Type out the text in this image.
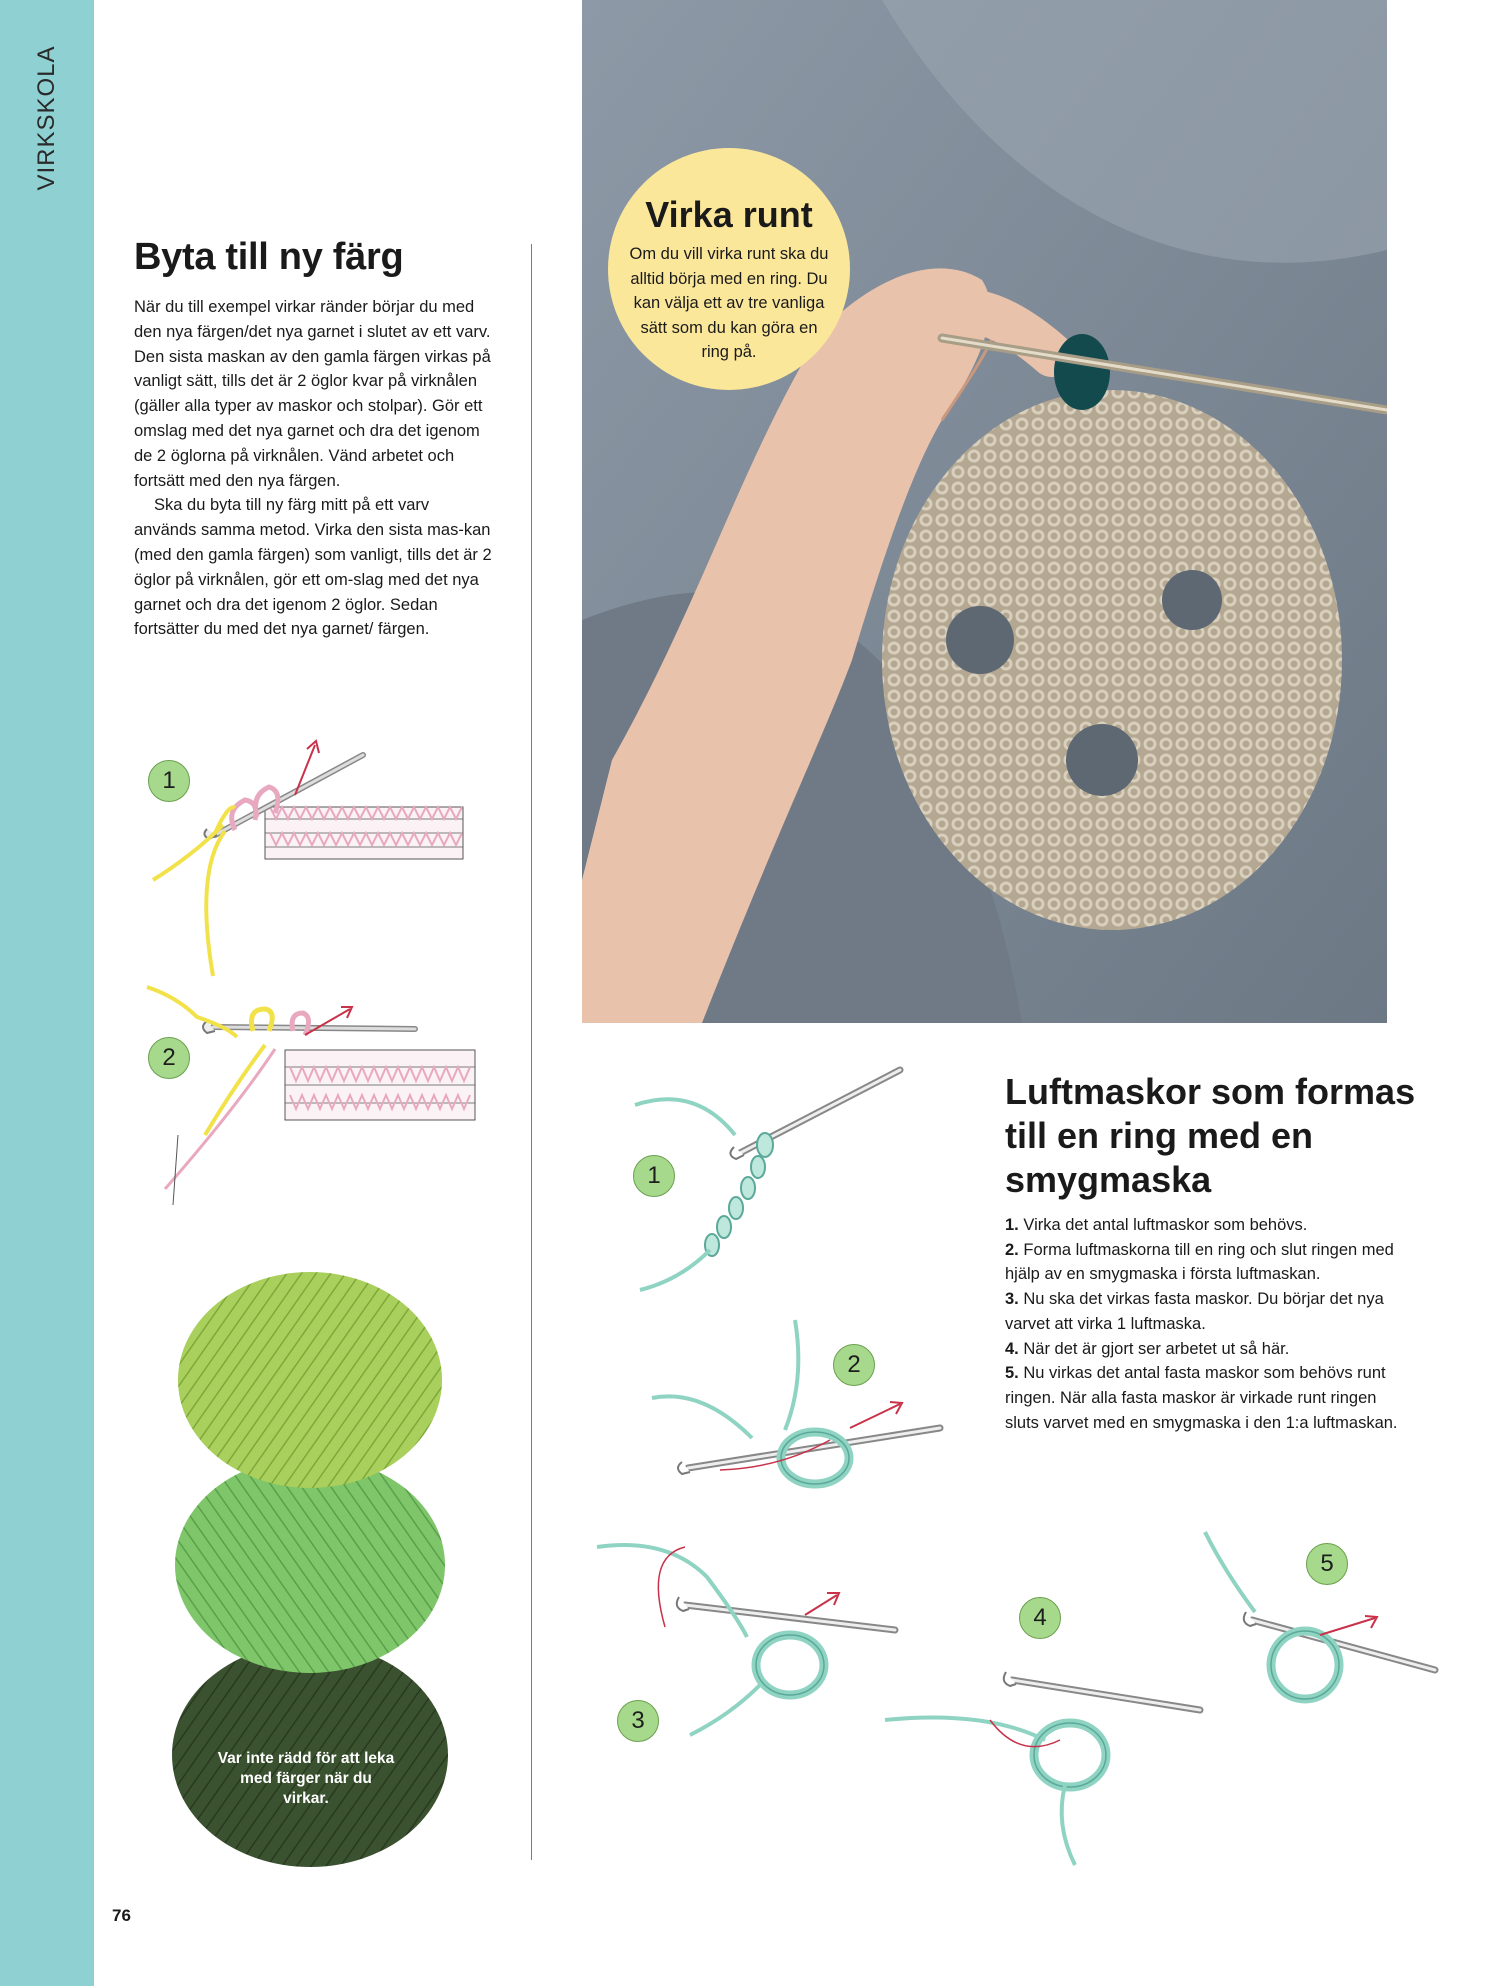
VIRKSKOLA
76
Byta till ny färg

När du till exempel virkar ränder börjar du med den nya färgen/det nya garnet i slutet av ett varv. Den sista maskan av den gamla färgen virkas på vanligt sätt, tills det är 2 öglor kvar på virknålen (gäller alla typer av maskor och stolpar). Gör ett omslag med det nya garnet och dra det igenom de 2 öglorna på virknålen. Vänd arbetet och fortsätt med den nya färgen.

Ska du byta till ny färg mitt på ett varv används samma metod. Virka den sista mas-kan (med den gamla färgen) som vanligt, tills det är 2 öglor på virknålen, gör ett om-slag med det nya garnet och dra det igenom 2 öglor. Sedan fortsätter du med det nya garnet/ färgen.

1
2
Var inte rädd för att leka med färger när du virkar.
Virka runt
Om du vill virka runt ska du alltid börja med en ring. Du kan välja ett av tre vanliga sätt som du kan göra en ring på.
Luftmaskor som formas till en ring med en smygmaska
1. Virka det antal luftmaskor som behövs.
2. Forma luftmaskorna till en ring och slut ringen med hjälp av en smygmaska i första luftmaskan.
3. Nu ska det virkas fasta maskor. Du börjar det nya varvet att virka 1 luftmaska.
4. När det är gjort ser arbetet ut så här.
5. Nu virkas det antal fasta maskor som behövs runt ringen. När alla fasta maskor är virkade runt ringen sluts varvet med en smygmaska i den 1:a luftmaskan.
1
2
3
4
5
